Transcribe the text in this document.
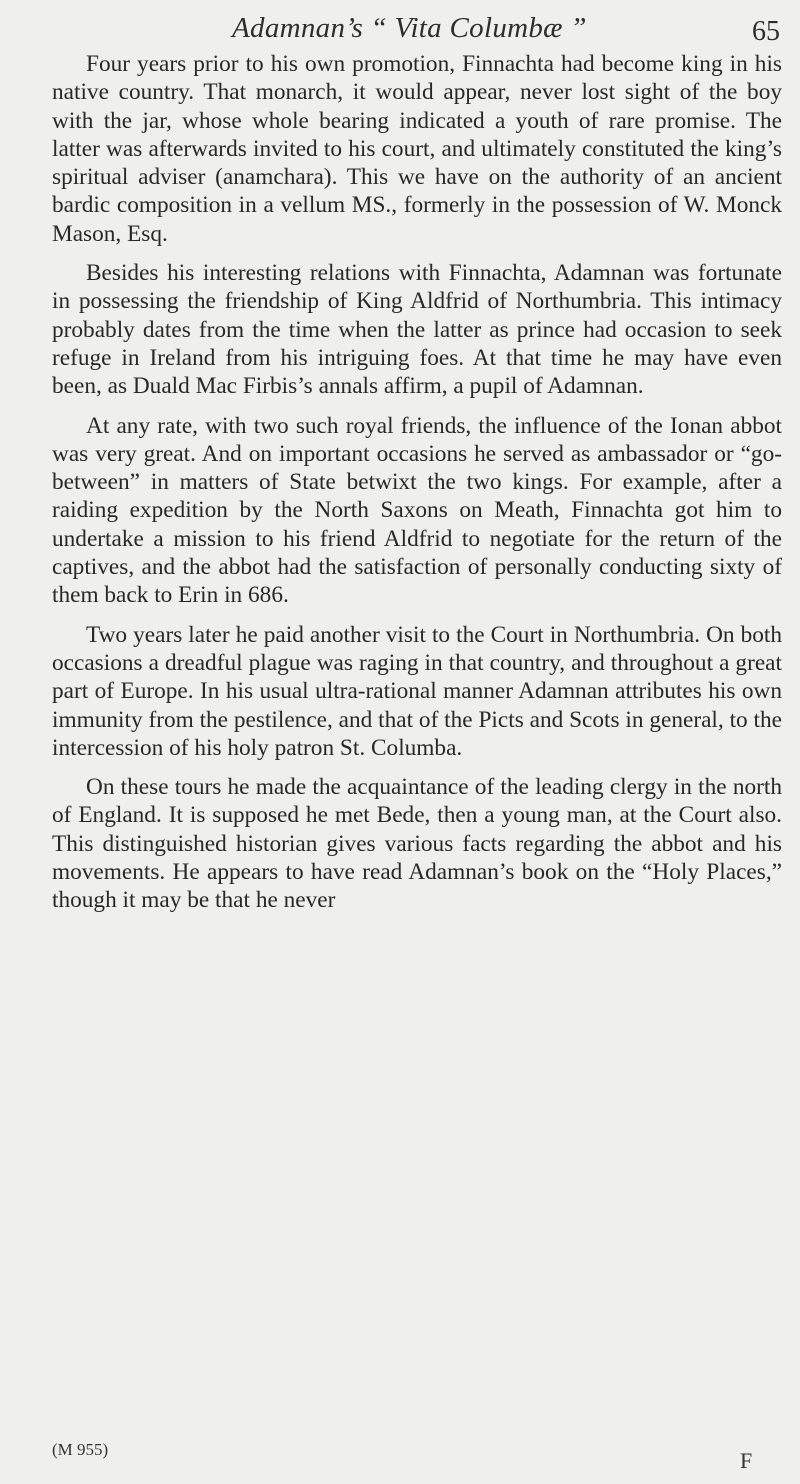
Adamnan’s “ Vita Columbæ ”	65

Four years prior to his own promotion, Finnachta had become king in his native country. That monarch, it would appear, never lost sight of the boy with the jar, whose whole bearing indicated a youth of rare promise. The latter was afterwards invited to his court, and ultimately constituted the king’s spiritual adviser (anamchara). This we have on the authority of an ancient bardic composition in a vellum MS., formerly in the possession of W. Monck Mason, Esq.

Besides his interesting relations with Finnachta, Adamnan was fortunate in possessing the friendship of King Aldfrid of Northumbria. This intimacy probably dates from the time when the latter as prince had occasion to seek refuge in Ireland from his intriguing foes. At that time he may have even been, as Duald Mac Firbis’s annals affirm, a pupil of Adamnan.

At any rate, with two such royal friends, the influence of the Ionan abbot was very great. And on important occasions he served as ambassador or “go-between” in matters of State betwixt the two kings. For example, after a raiding expedition by the North Saxons on Meath, Finnachta got him to undertake a mission to his friend Aldfrid to negotiate for the return of the captives, and the abbot had the satisfaction of personally conducting sixty of them back to Erin in 686.

Two years later he paid another visit to the Court in Northumbria. On both occasions a dreadful plague was raging in that country, and throughout a great part of Europe. In his usual ultra-rational manner Adamnan attributes his own immunity from the pestilence, and that of the Picts and Scots in general, to the intercession of his holy patron St. Columba.

On these tours he made the acquaintance of the leading clergy in the north of England. It is supposed he met Bede, then a young man, at the Court also. This distinguished historian gives various facts regarding the abbot and his movements. He appears to have read Adamnan’s book on the “Holy Places,” though it may be that he never

(M 955)	F
